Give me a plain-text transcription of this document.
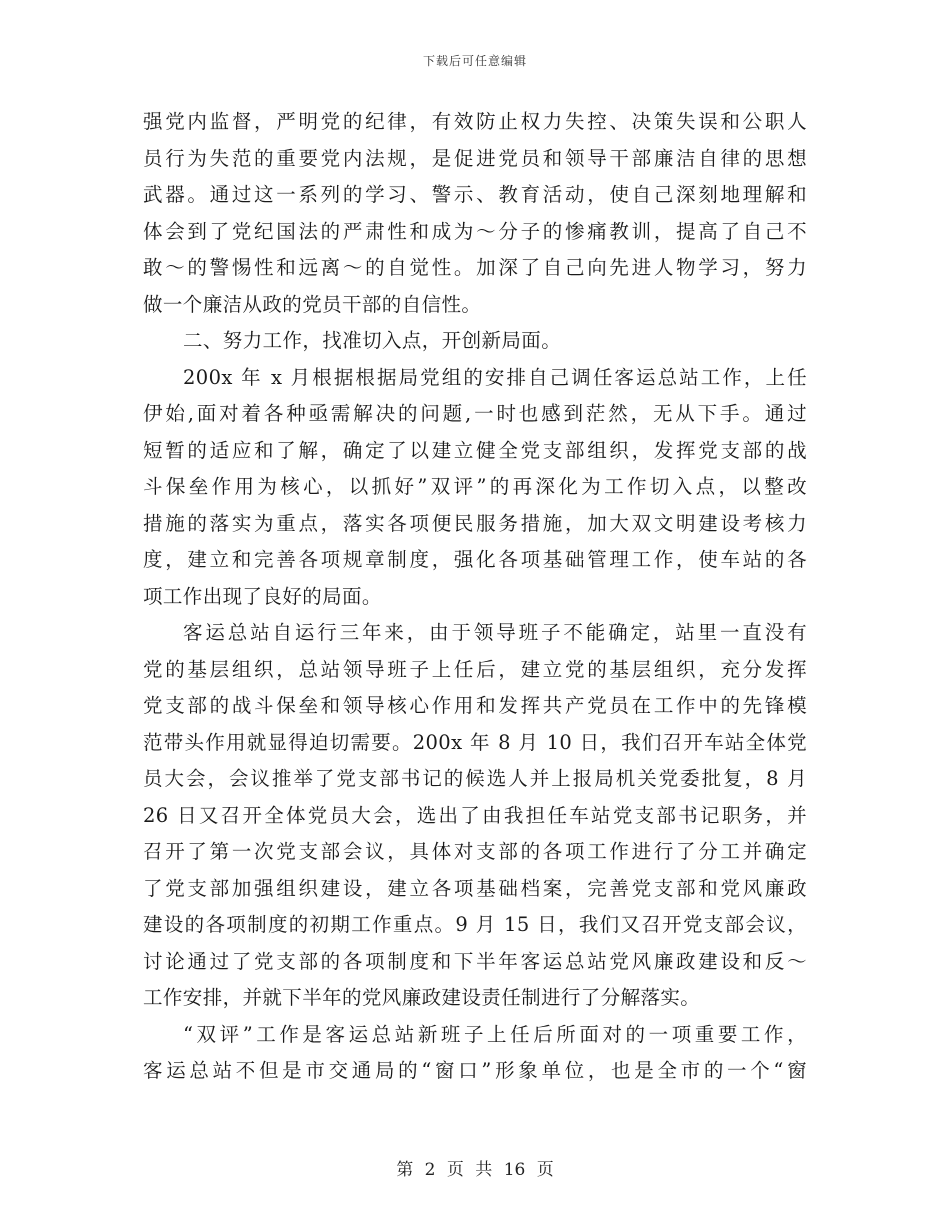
下载后可任意编辑
强党内监督，严明党的纪律，有效防止权力失控、决策失误和公职人
员行为失范的重要党内法规，是促进党员和领导干部廉洁自律的思想
武器。通过这一系列的学习、警示、教育活动，使自己深刻地理解和
体会到了党纪国法的严肃性和成为～分子的惨痛教训，提高了自己不
敢～的警惕性和远离～的自觉性。加深了自己向先进人物学习，努力
做一个廉洁从政的党员干部的自信性。
二、努力工作，找准切入点，开创新局面。
200x 年 x 月根据根据局党组的安排自己调任客运总站工作，上任
伊始,面对着各种亟需解决的问题,一时也感到茫然，无从下手。通过
短暂的适应和了解，确定了以建立健全党支部组织，发挥党支部的战
斗保垒作用为核心，以抓好”双评”的再深化为工作切入点，以整改
措施的落实为重点，落实各项便民服务措施，加大双文明建设考核力
度，建立和完善各项规章制度，强化各项基础管理工作，使车站的各
项工作出现了良好的局面。
客运总站自运行三年来，由于领导班子不能确定，站里一直没有
党的基层组织，总站领导班子上任后，建立党的基层组织，充分发挥
党支部的战斗保垒和领导核心作用和发挥共产党员在工作中的先锋模
范带头作用就显得迫切需要。200x 年 8 月 10 日，我们召开车站全体党
员大会，会议推举了党支部书记的候选人并上报局机关党委批复，8 月
26 日又召开全体党员大会，选出了由我担任车站党支部书记职务，并
召开了第一次党支部会议，具体对支部的各项工作进行了分工并确定
了党支部加强组织建设，建立各项基础档案，完善党支部和党风廉政
建设的各项制度的初期工作重点。9 月 15 日，我们又召开党支部会议，
讨论通过了党支部的各项制度和下半年客运总站党风廉政建设和反～
工作安排，并就下半年的党风廉政建设责任制进行了分解落实。
“双评”工作是客运总站新班子上任后所面对的一项重要工作，
客运总站不但是市交通局的“窗口”形象单位，也是全市的一个“窗
第 2 页 共 16 页
